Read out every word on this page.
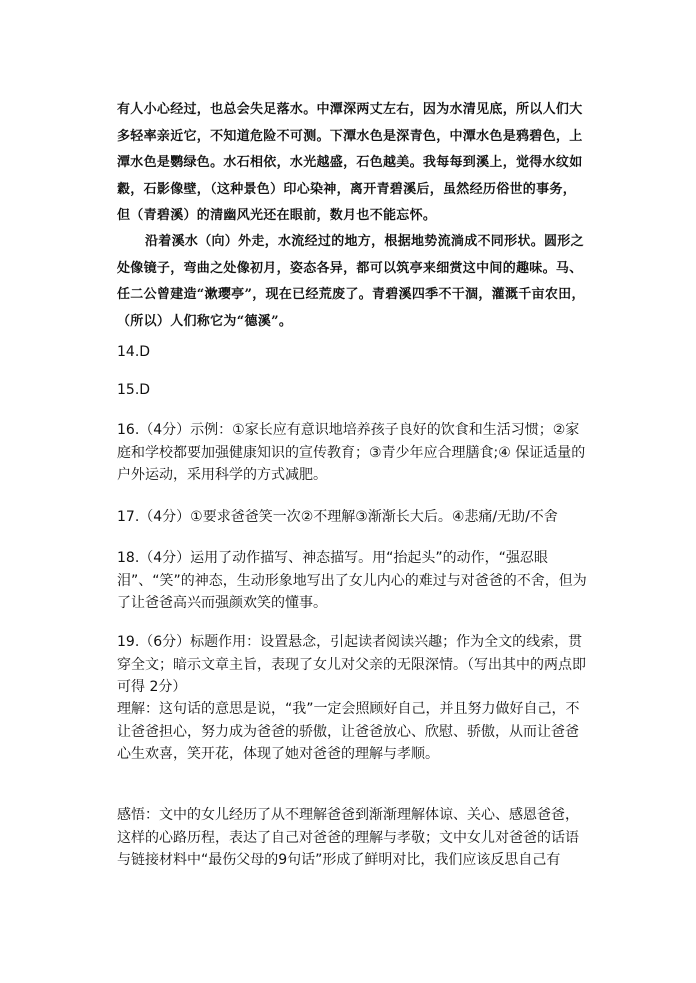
有人小心经过，也总会失足落水。中潭深两丈左右，因为水清见底，所以人们大多轻率亲近它，不知道危险不可测。下潭水色是深青色，中潭水色是鸦碧色，上潭水色是鹦绿色。水石相依，水光越盛，石色越美。我每每到溪上，觉得水纹如縠，石影像壁，（这种景色）印心染神，离开青碧溪后，虽然经历俗世的事务，但（青碧溪）的清幽风光还在眼前，数月也不能忘怀。

沿着溪水（向）外走，水流经过的地方，根据地势流淌成不同形状。圆形之处像镜子，弯曲之处像初月，姿态各异，都可以筑亭来细赏这中间的趣味。马、任二公曾建造“漱璎亭”，现在已经荒废了。青碧溪四季不干涸，灌溉千亩农田，（所以）人们称它为“德溪”。

14.D

15.D

16.（4分）示例：①家长应有意识地培养孩子良好的饮食和生活习惯；②家庭和学校都要加强健康知识的宣传教育；③青少年应合理膳食;④ 保证适量的户外运动，采用科学的方式减肥。

17.（4分）①要求爸爸笑一次②不理解③渐渐长大后。④悲痛/无助/不舍

18.（4分）运用了动作描写、神态描写。用“抬起头”的动作，“强忍眼泪”、“笑”的神态，生动形象地写出了女儿内心的难过与对爸爸的不舍，但为了让爸爸高兴而强颜欢笑的懂事。

19.（6分）标题作用：设置悬念，引起读者阅读兴趣；作为全文的线索，贯穿全文；暗示文章主旨，表现了女儿对父亲的无限深情。（写出其中的两点即可得 2分）

理解：这句话的意思是说，“我”一定会照顾好自己，并且努力做好自己，不让爸爸担心，努力成为爸爸的骄傲，让爸爸放心、欣慰、骄傲，从而让爸爸心生欢喜，笑开花，体现了她对爸爸的理解与孝顺。

感悟：文中的女儿经历了从不理解爸爸到渐渐理解体谅、关心、感恩爸爸，这样的心路历程，表达了自己对爸爸的理解与孝敬；文中女儿对爸爸的话语与链接材料中“最伤父母的9句话”形成了鲜明对比，我们应该反思自己有
